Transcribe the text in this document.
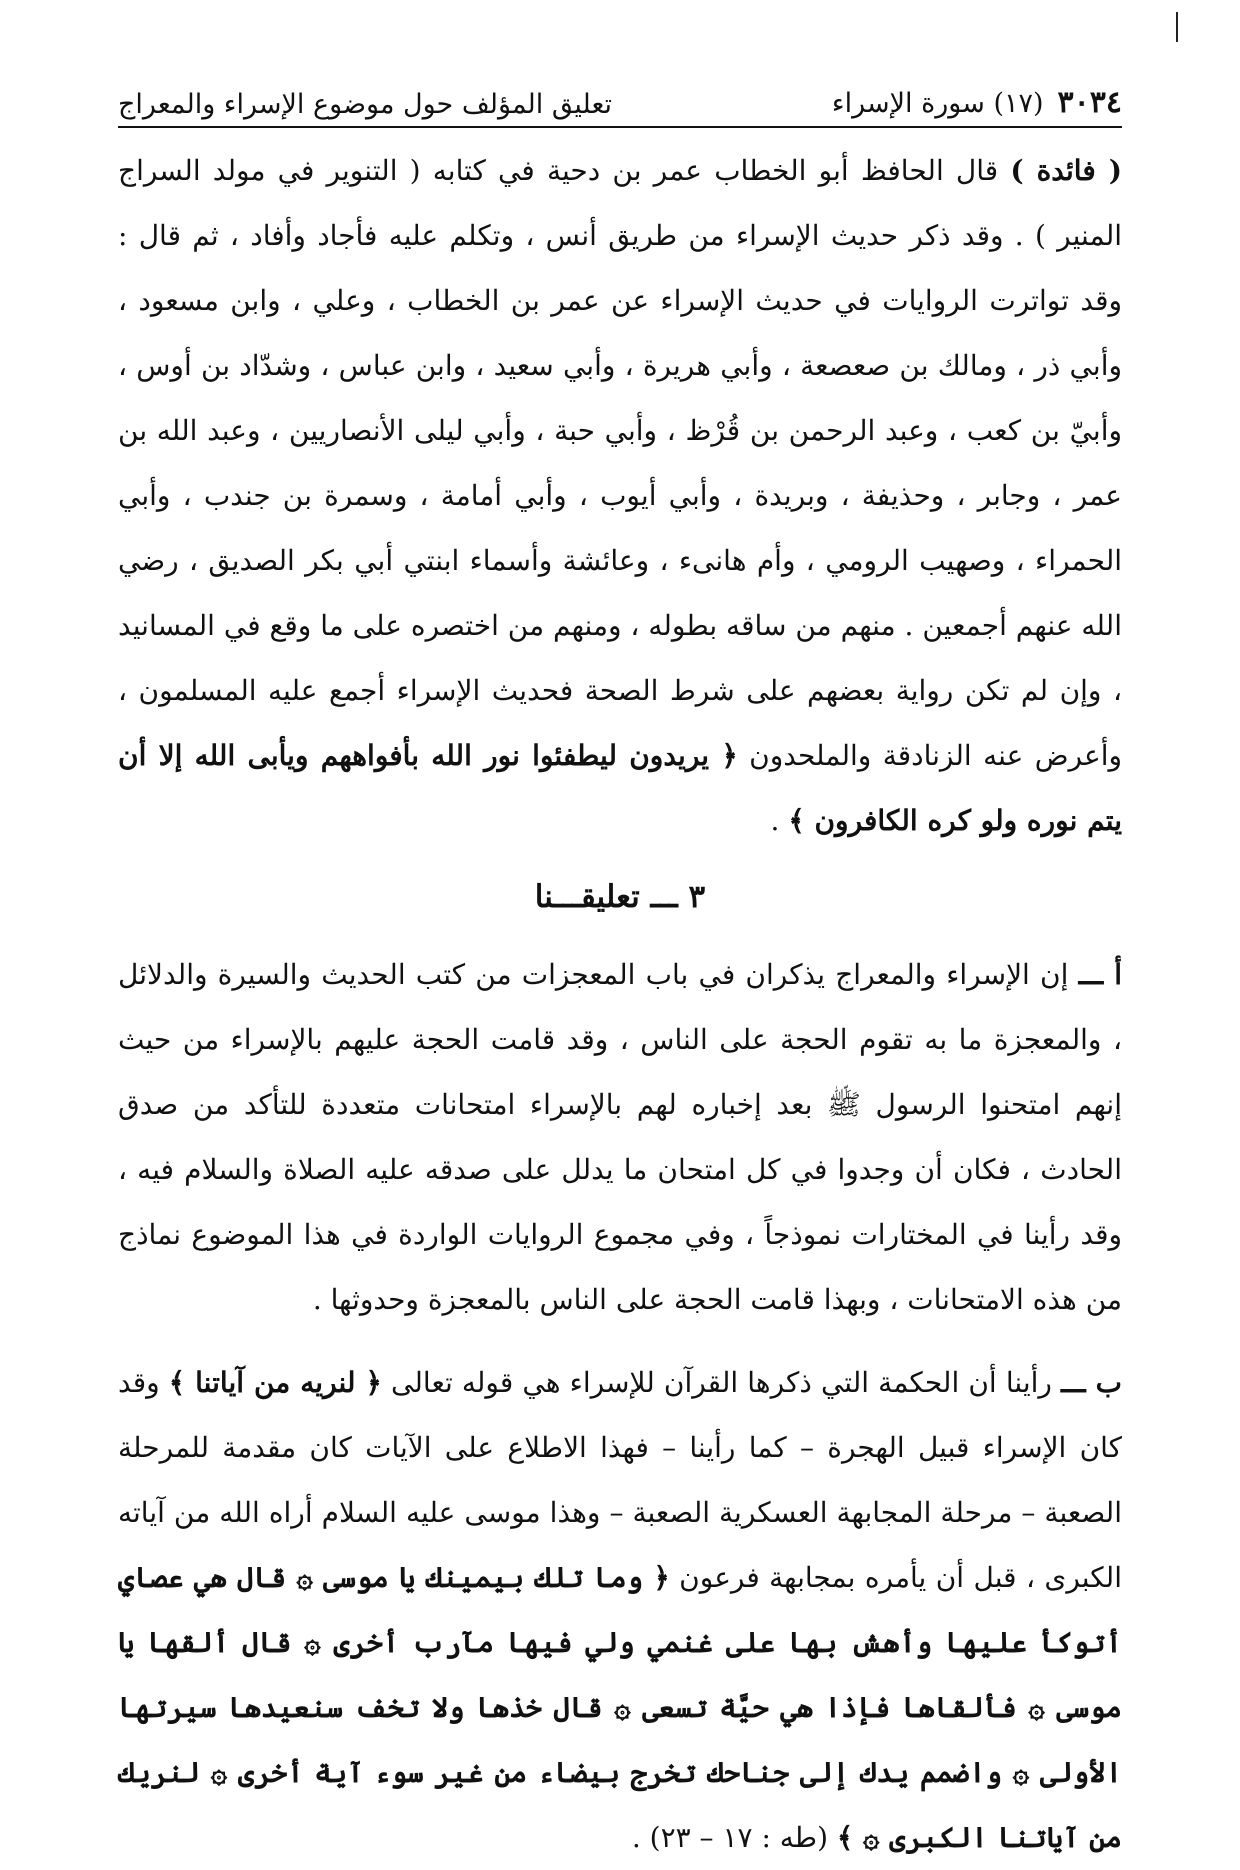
٣٠٣٤
(١٧) سورة الإسراء
تعليق المؤلف حول موضوع الإسراء والمعراج

( فائدة ) قال الحافظ أبو الخطاب عمر بن دحية في كتابه ( التنوير في مولد السراج المنير ) . وقد ذكر حديث الإسراء من طريق أنس ، وتكلم عليه فأجاد وأفاد ، ثم قال : وقد تواترت الروايات في حديث الإسراء عن عمر بن الخطاب ، وعلي ، وابن مسعود ، وأبي ذر ، ومالك بن صعصعة ، وأبي هريرة ، وأبي سعيد ، وابن عباس ، وشدّاد بن أوس ، وأبيّ بن كعب ، وعبد الرحمن بن قُرْظ ، وأبي حبة ، وأبي ليلى الأنصاريين ، وعبد الله بن عمر ، وجابر ، وحذيفة ، وبريدة ، وأبي أيوب ، وأبي أمامة ، وسمرة بن جندب ، وأبي الحمراء ، وصهيب الرومي ، وأم هانىء ، وعائشة وأسماء ابنتي أبي بكر الصديق ، رضي الله عنهم أجمعين . منهم من ساقه بطوله ، ومنهم من اختصره على ما وقع في المسانيد ، وإن لم تكن رواية بعضهم على شرط الصحة فحديث الإسراء أجمع عليه المسلمون ، وأعرض عنه الزنادقة والملحدون ﴿ يريدون ليطفئوا نور الله بأفواههم ويأبى الله إلا أن يتم نوره ولو كره الكافرون ﴾ .

٣ ـــ تعليقـــنا

أ ـــ إن الإسراء والمعراج يذكران في باب المعجزات من كتب الحديث والسيرة والدلائل ، والمعجزة ما به تقوم الحجة على الناس ، وقد قامت الحجة عليهم بالإسراء من حيث إنهم امتحنوا الرسول ﷺ بعد إخباره لهم بالإسراء امتحانات متعددة للتأكد من صدق الحادث ، فكان أن وجدوا في كل امتحان ما يدلل على صدقه عليه الصلاة والسلام فيه ، وقد رأينا في المختارات نموذجاً ، وفي مجموع الروايات الواردة في هذا الموضوع نماذج من هذه الامتحانات ، وبهذا قامت الحجة على الناس بالمعجزة وحدوثها .

ب ـــ رأينا أن الحكمة التي ذكرها القرآن للإسراء هي قوله تعالى ﴿ لنريه من آياتنا ﴾ وقد كان الإسراء قبيل الهجرة – كما رأينا – فهذا الاطلاع على الآيات كان مقدمة للمرحلة الصعبة – مرحلة المجابهة العسكرية الصعبة – وهذا موسى عليه السلام أراه الله من آياته الكبرى ، قبل أن يأمره بمجابهة فرعون ﴿ وما تلك بيمينك يا موسى ۞ قال هي عصاي أتوكأ عليها وأهش بها على غنمي ولي فيها مآرب أخرى ۞ قال ألقها يا موسى ۞ فألقاها فإذا هي حيَّة تسعى ۞ قال خذها ولا تخف سنعيدها سيرتها الأولى ۞ واضمم يدك إلى جناحك تخرج بيضاء من غير سوء آية أخرى ۞ لنريك من آياتنا الكبرى ۞ ﴾ (طه : ١٧ – ٢٣) .
